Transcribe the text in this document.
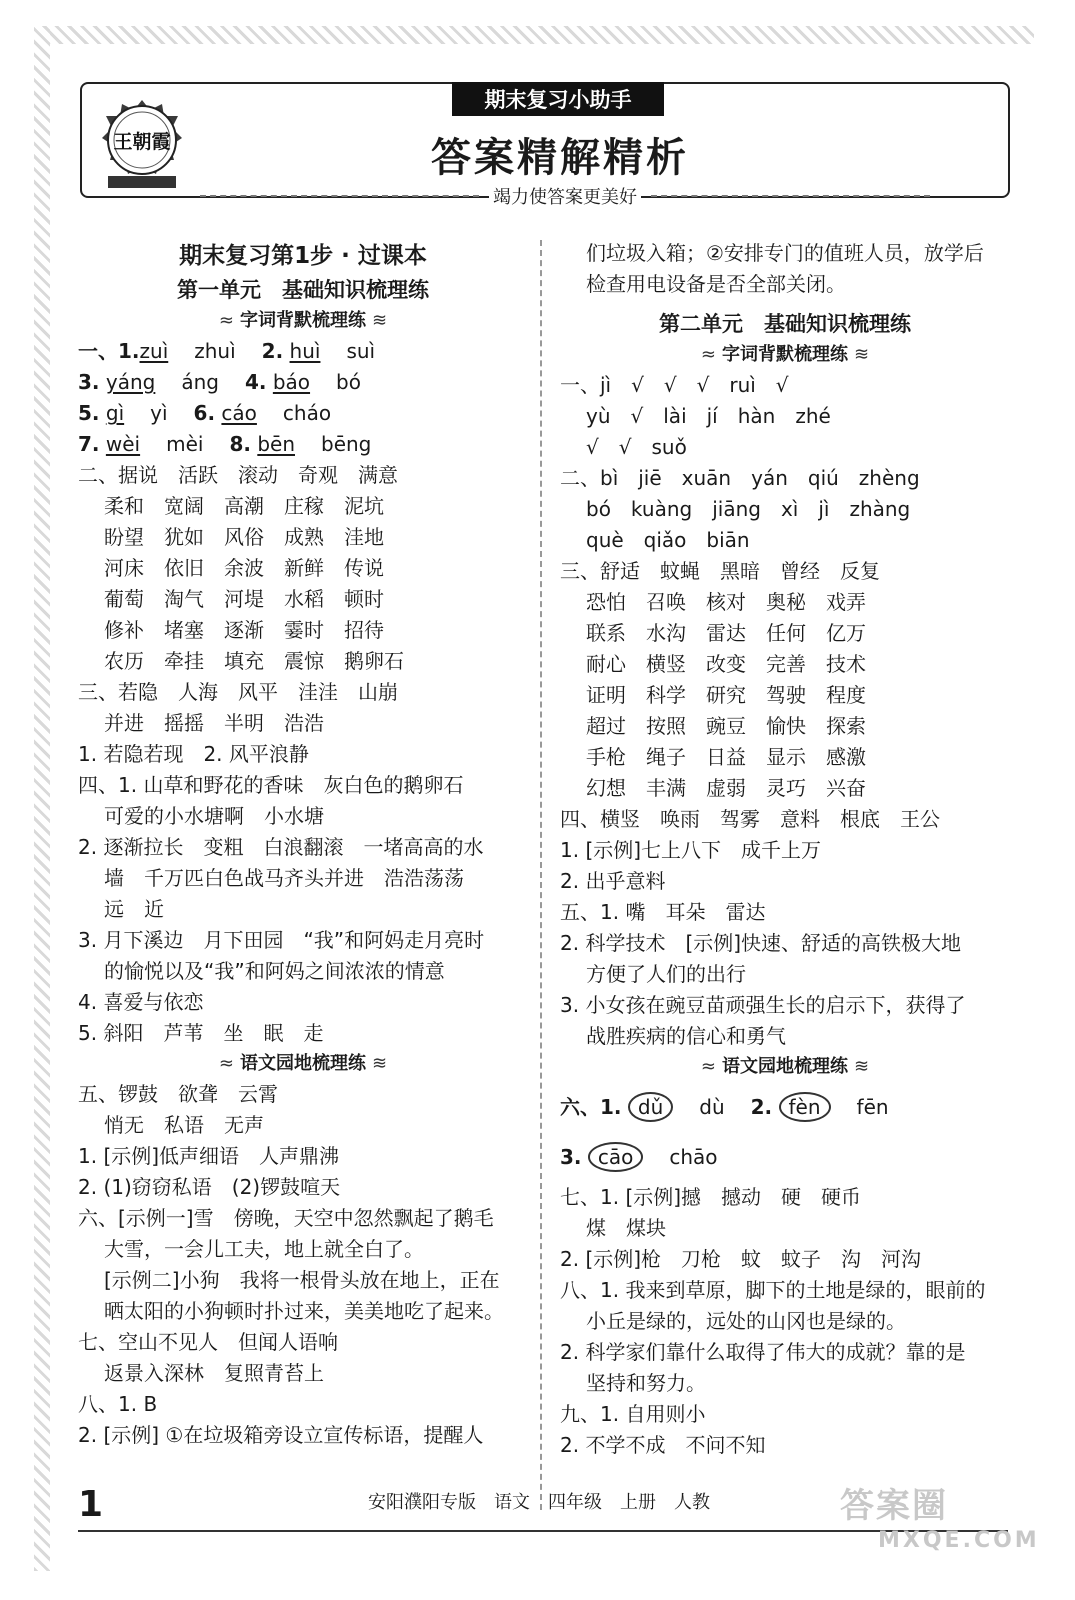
王朝霞
期末复习小助手
答案精解精析
竭力使答案更美好
期末复习第1步 · 过课本
第一单元　基础知识梳理练
≈ 字词背默梳理练 ≋
一、1.zuì zhuì 2. huì suì
3. yáng áng 4. báo bó
5. gì yì 6. cáo cháo
7. wèi mèi 8. bēn bēng
二、据说　活跃　滚动　奇观　满意
柔和　宽阔　高潮　庄稼　泥坑
盼望　犹如　风俗　成熟　洼地
河床　依旧　余波　新鲜　传说
葡萄　淘气　河堤　水稻　顿时
修补　堵塞　逐渐　霎时　招待
农历　牵挂　填充　震惊　鹅卵石
三、若隐　人海　风平　洼洼　山崩
并进　摇摇　半明　浩浩
1. 若隐若现　2. 风平浪静
四、1. 山草和野花的香味　灰白色的鹅卵石
可爱的小水塘啊　小水塘
2. 逐渐拉长　变粗　白浪翻滚　一堵高高的水
墙　千万匹白色战马齐头并进　浩浩荡荡
远　近
3. 月下溪边　月下田园　“我”和阿妈走月亮时
的愉悦以及“我”和阿妈之间浓浓的情意
4. 喜爱与依恋
5. 斜阳　芦苇　坐　眠　走
≈ 语文园地梳理练 ≋
五、锣鼓　欲聋　云霄
悄无　私语　无声
1. [示例]低声细语　人声鼎沸
2. (1)窃窃私语　(2)锣鼓喧天
六、[示例一]雪　傍晚，天空中忽然飘起了鹅毛
大雪，一会儿工夫，地上就全白了。
[示例二]小狗　我将一根骨头放在地上，正在
晒太阳的小狗顿时扑过来，美美地吃了起来。
七、空山不见人　但闻人语响
返景入深林　复照青苔上
八、1. B
2. [示例] ①在垃圾箱旁设立宣传标语，提醒人
们垃圾入箱；②安排专门的值班人员，放学后
检查用电设备是否全部关闭。
第二单元　基础知识梳理练
≈ 字词背默梳理练 ≋
一、jì　√　√　√　ruì　√
yù　√　lài　jí　hàn　zhé
√　√　suǒ
二、bì　jiē　xuān　yán　qiú　zhèng
bó　kuàng　jiāng　xì　jì　zhàng
què　qiǎo　biān
三、舒适　蚊蝇　黑暗　曾经　反复
恐怕　召唤　核对　奥秘　戏弄
联系　水沟　雷达　任何　亿万
耐心　横竖　改变　完善　技术
证明　科学　研究　驾驶　程度
超过　按照　豌豆　愉快　探索
手枪　绳子　日益　显示　感激
幻想　丰满　虚弱　灵巧　兴奋
四、横竖　唤雨　驾雾　意料　根底　王公
1. [示例]七上八下　成千上万
2. 出乎意料
五、1. 嘴　耳朵　雷达
2. 科学技术　[示例]快速、舒适的高铁极大地
方便了人们的出行
3. 小女孩在豌豆苗顽强生长的启示下，获得了
战胜疾病的信心和勇气
≈ 语文园地梳理练 ≋
六、1. dǔ dù 2. fèn fēn
3. cāo chāo
七、1. [示例]撼　撼动　硬　硬币
煤　煤块
2. [示例]枪　刀枪　蚊　蚊子　沟　河沟
八、1. 我来到草原，脚下的土地是绿的，眼前的
小丘是绿的，远处的山冈也是绿的。
2. 科学家们靠什么取得了伟大的成就？靠的是
坚持和努力。
九、1. 自用则小
2. 不学不成　不问不知
1	安阳濮阳专版　语文　四年级　上册　人教	答案圈
MXQE.COM
